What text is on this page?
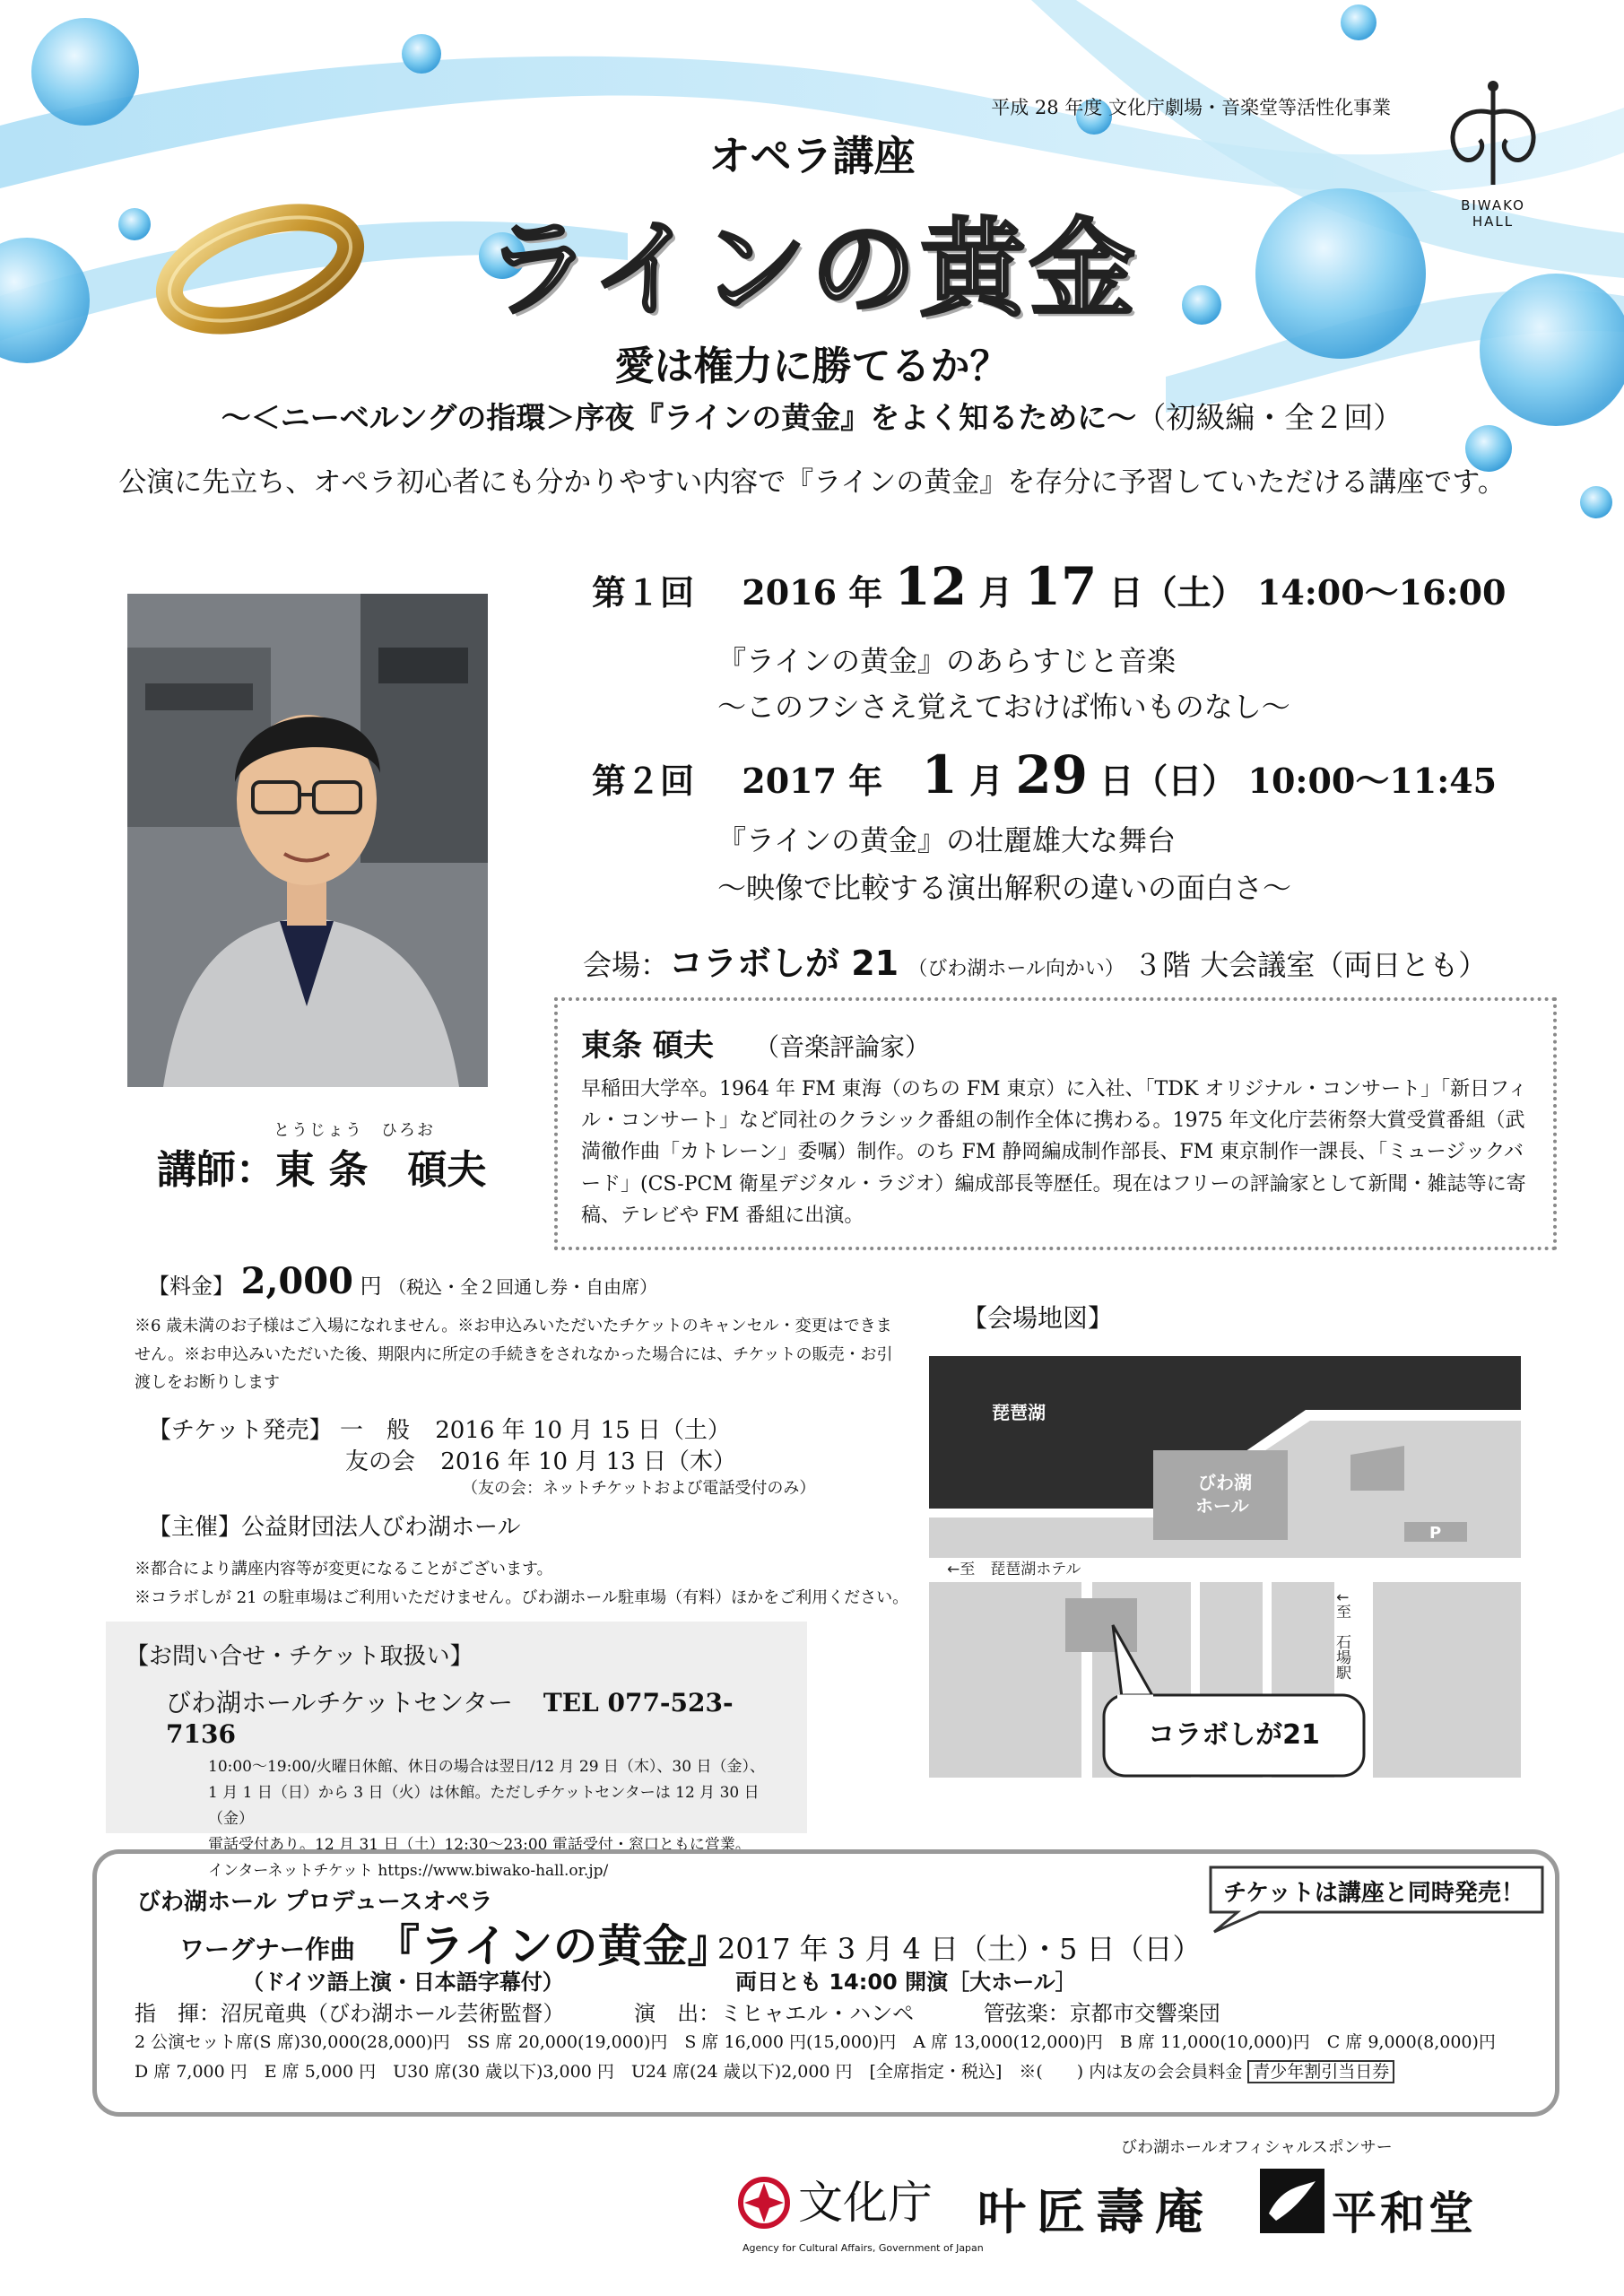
平成 28 年度 文化庁劇場・音楽堂等活性化事業
BIWAKO HALL
オペラ講座
ラインの黄金
愛は権力に勝てるか？
～＜ニーベルングの指環＞序夜『ラインの黄金』をよく知るために～（初級編・全２回）
公演に先立ち、オペラ初心者にも分かりやすい内容で『ラインの黄金』を存分に予習していただける講座です。
とうじょう　ひろお
講師：東 条　碩夫
第１回 2016 年 12 月 17 日（土） 14:00～16:00
『ラインの黄金』のあらすじと音楽
～このフシさえ覚えておけば怖いものなし～
第２回 2017 年 1 月 29 日（日） 10:00～11:45
『ラインの黄金』の壮麗雄大な舞台
～映像で比較する演出解釈の違いの面白さ～
会場：コラボしが 21 （びわ湖ホール向かい） ３階 大会議室（両日とも）
東条 碩夫 （音楽評論家）
早稲田大学卒。1964 年 FM 東海（のちの FM 東京）に入社、「TDK オリジナル・コンサート」「新日フィル・コンサート」など同社のクラシック番組の制作全体に携わる。1975 年文化庁芸術祭大賞受賞番組（武満徹作曲「カトレーン」委嘱）制作。のち FM 静岡編成制作部長、FM 東京制作一課長、「ミュージックバード」(CS-PCM 衛星デジタル・ラジオ）編成部長等歴任。現在はフリーの評論家として新聞・雑誌等に寄稿、テレビや FM 番組に出演。
【料金】 2,000 円 （税込・全２回通し券・自由席）
※6 歳未満のお子様はご入場になれません。※お申込みいただいたチケットのキャンセル・変更はできません。※お申込みいただいた後、期限内に所定の手続きをされなかった場合には、チケットの販売・お引渡しをお断りします
【チケット発売】 一　般 2016 年 10 月 15 日（土）
友の会 2016 年 10 月 13 日（木）
（友の会：ネットチケットおよび電話受付のみ）
【主催】公益財団法人びわ湖ホール
※都合により講座内容等が変更になることがございます。
※コラボしが 21 の駐車場はご利用いただけません。びわ湖ホール駐車場（有料）ほかをご利用ください。
【お問い合せ・チケット取扱い】
びわ湖ホールチケットセンター TEL 077-523-7136
10:00～19:00/火曜日休館、休日の場合は翌日/12 月 29 日（木）、30 日（金）、
1 月 1 日（日）から 3 日（火）は休館。ただしチケットセンターは 12 月 30 日（金）
電話受付あり。12 月 31 日（土）12:30～23:00 電話受付・窓口ともに営業。
インターネットチケット https://www.biwako-hall.or.jp/
【会場地図】
琵琶湖
びわ湖
ホール
P
←至　琵琶湖ホテル
↓至　石場駅
コラボしが21
チケットは講座と同時発売！
びわ湖ホール プロデュースオペラ
ワーグナー作曲 『ラインの黄金』
2017 年 3 月 4 日（土）・5 日（日）
（ドイツ語上演・日本語字幕付）	両日とも 14:00 開演［大ホール］
指　揮：沼尻竜典（びわ湖ホール芸術監督）	演　出：ミヒャエル・ハンペ	管弦楽：京都市交響楽団
2 公演セット席(S 席)30,000(28,000)円　SS 席 20,000(19,000)円　S 席 16,000 円(15,000)円　A 席 13,000(12,000)円　B 席 11,000(10,000)円　C 席 9,000(8,000)円
D 席 7,000 円　E 席 5,000 円　U30 席(30 歳以下)3,000 円　U24 席(24 歳以下)2,000 円　[全席指定・税込]　※(　　) 内は友の会会員料金 青少年割引当日券
びわ湖ホールオフィシャルスポンサー
文化庁
Agency for Cultural Affairs, Government of Japan
叶匠壽庵	平和堂
